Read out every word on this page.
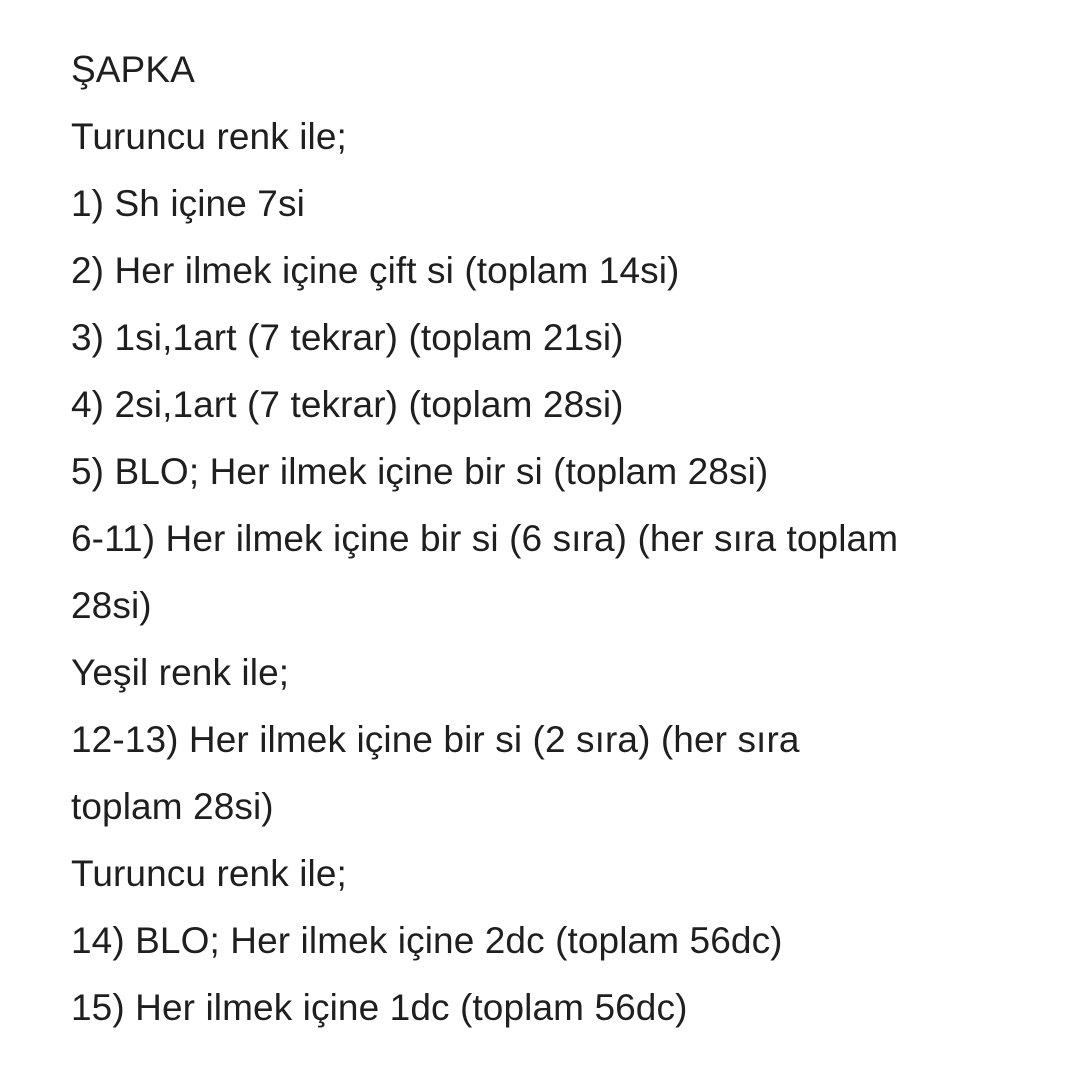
ŞAPKA

Turuncu renk ile;

1) Sh içine 7si

2) Her ilmek içine çift si (toplam 14si)

3) 1si,1art (7 tekrar) (toplam 21si)

4) 2si,1art (7 tekrar) (toplam 28si)

5) BLO; Her ilmek içine bir si (toplam 28si)

6-11) Her ilmek içine bir si (6 sıra) (her sıra toplam

28si)

Yeşil renk ile;

12-13) Her ilmek içine bir si (2 sıra) (her sıra

toplam 28si)

Turuncu renk ile;

14) BLO; Her ilmek içine 2dc (toplam 56dc)

15) Her ilmek içine 1dc (toplam 56dc)
